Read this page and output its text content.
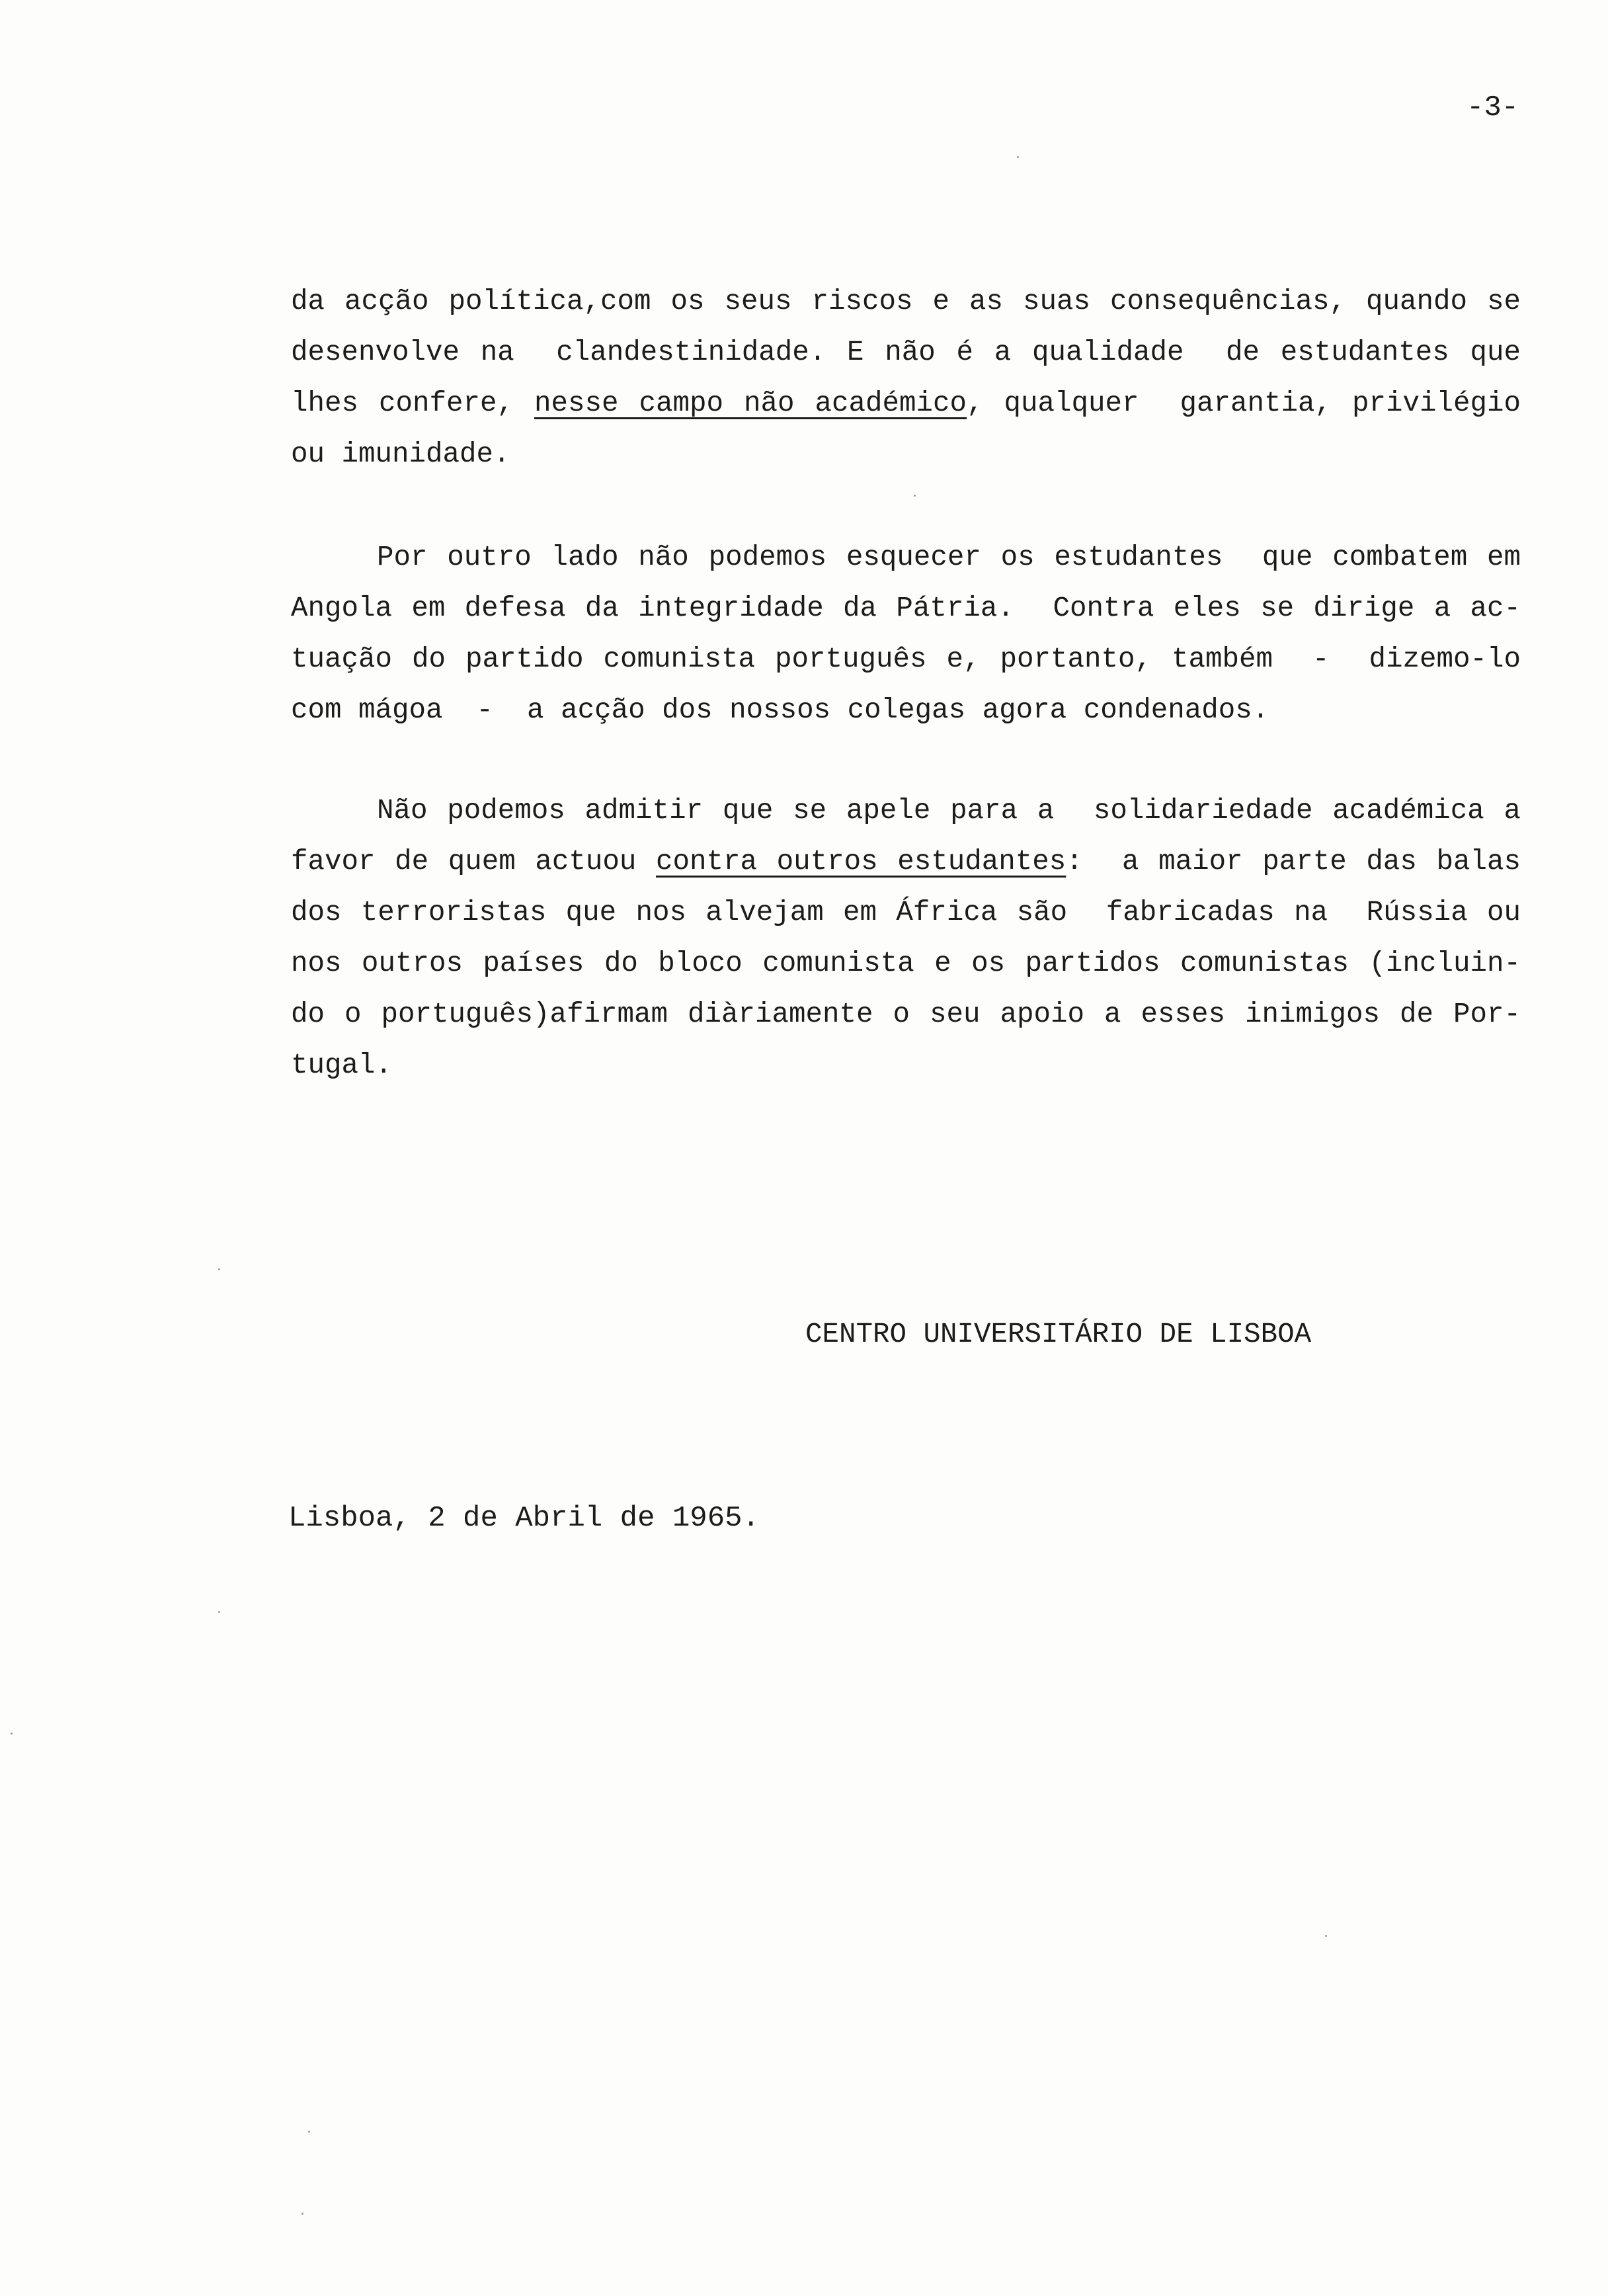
-3-
da acção política,com os seus riscos e as suas consequências, quando se
desenvolve na  clandestinidade. E não é a qualidade  de estudantes que
lhes confere, nesse campo não académico, qualquer  garantia, privilégio
ou imunidade.
Por outro lado não podemos esquecer os estudantes  que combatem em
Angola em defesa da integridade da Pátria.  Contra eles se dirige a ac-
tuação do partido comunista português e, portanto, também  -  dizemo-lo
com mágoa  -  a acção dos nossos colegas agora condenados.
Não podemos admitir que se apele para a  solidariedade académica a
favor de quem actuou contra outros estudantes:  a maior parte das balas
dos terroristas que nos alvejam em África são  fabricadas na  Rússia ou
nos outros países do bloco comunista e os partidos comunistas (incluin-
do o português)afirmam diàriamente o seu apoio a esses inimigos de Por-
tugal.
CENTRO UNIVERSITÁRIO DE LISBOA
Lisboa, 2 de Abril de 1965.
